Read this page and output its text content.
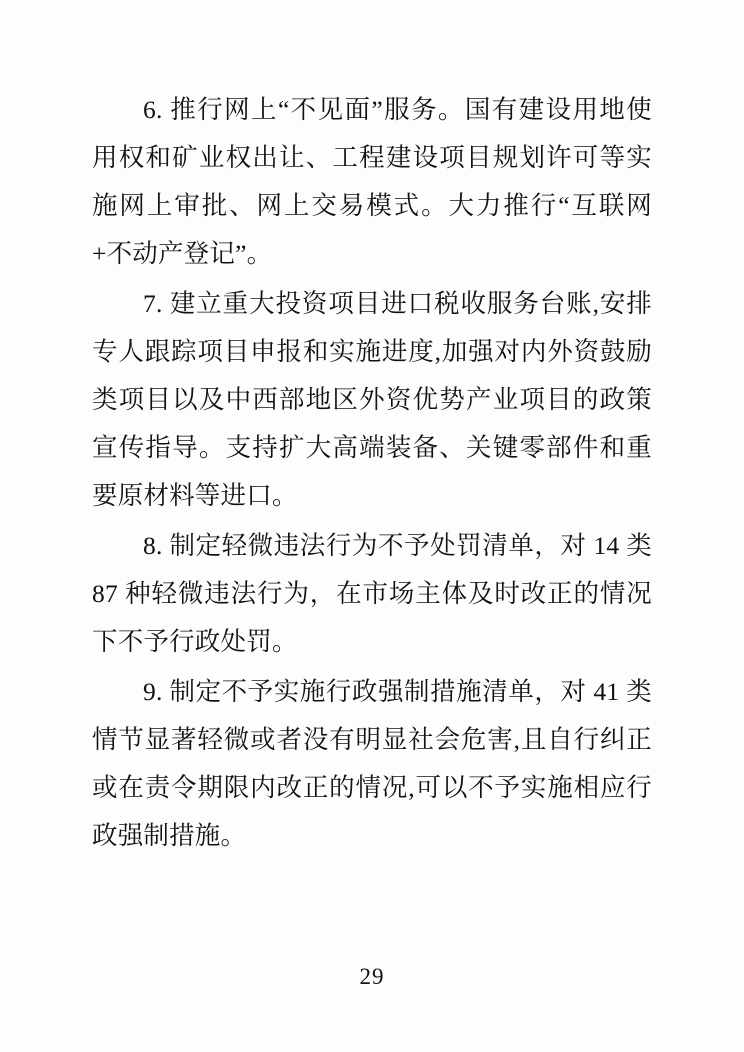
6. 推行网上“不见面”服务。国有建设用地使用权和矿业权出让、工程建设项目规划许可等实施网上审批、网上交易模式。大力推行“互联网+不动产登记”。

7. 建立重大投资项目进口税收服务台账,安排专人跟踪项目申报和实施进度,加强对内外资鼓励类项目以及中西部地区外资优势产业项目的政策宣传指导。支持扩大高端装备、关键零部件和重要原材料等进口。

8. 制定轻微违法行为不予处罚清单，对 14 类 87 种轻微违法行为，在市场主体及时改正的情况下不予行政处罚。

9. 制定不予实施行政强制措施清单，对 41 类情节显著轻微或者没有明显社会危害,且自行纠正或在责令期限内改正的情况,可以不予实施相应行政强制措施。

29
